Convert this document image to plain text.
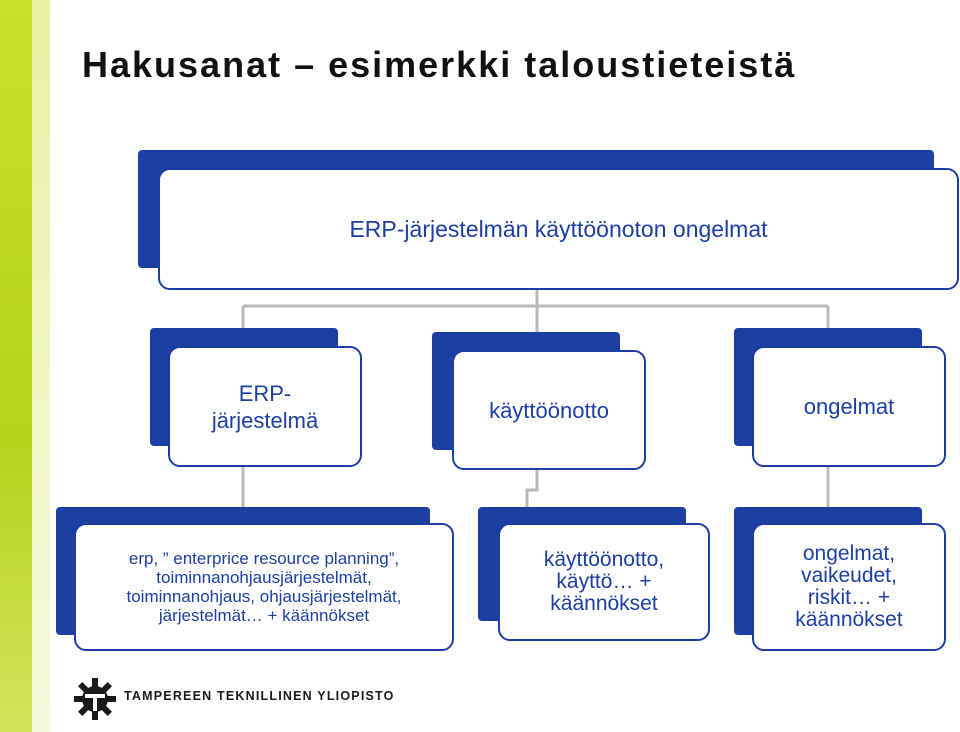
Hakusanat – esimerkki taloustieteistä
ERP-järjestelmän käyttöönoton ongelmat
ERP-
järjestelmä	käyttöönotto	ongelmat
erp, ” enterprice resource planning”,
toiminnanohjausjärjestelmät,
toiminnanohjaus, ohjausjärjestelmät,
järjestelmät… + käännökset
käyttöönotto,
käyttö… +
käännökset
ongelmat,
vaikeudet,
riskit… +
käännökset
TAMPEREEN TEKNILLINEN YLIOPISTO
